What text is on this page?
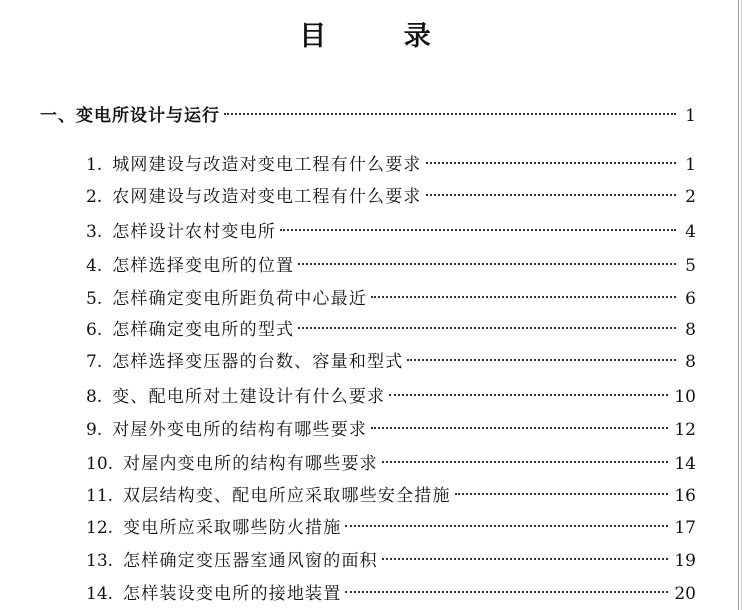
目 录
一、变电所设计与运行	1
1. 城网建设与改造对变电工程有什么要求	1
2. 农网建设与改造对变电工程有什么要求	2
3. 怎样设计农村变电所	4
4. 怎样选择变电所的位置	5
5. 怎样确定变电所距负荷中心最近	6
6. 怎样确定变电所的型式	8
7. 怎样选择变压器的台数、容量和型式	8
8. 变、配电所对土建设计有什么要求	10
9. 对屋外变电所的结构有哪些要求	12
10. 对屋内变电所的结构有哪些要求	14
11. 双层结构变、配电所应采取哪些安全措施	16
12. 变电所应采取哪些防火措施	17
13. 怎样确定变压器室通风窗的面积	19
14. 怎样装设变电所的接地装置	20
